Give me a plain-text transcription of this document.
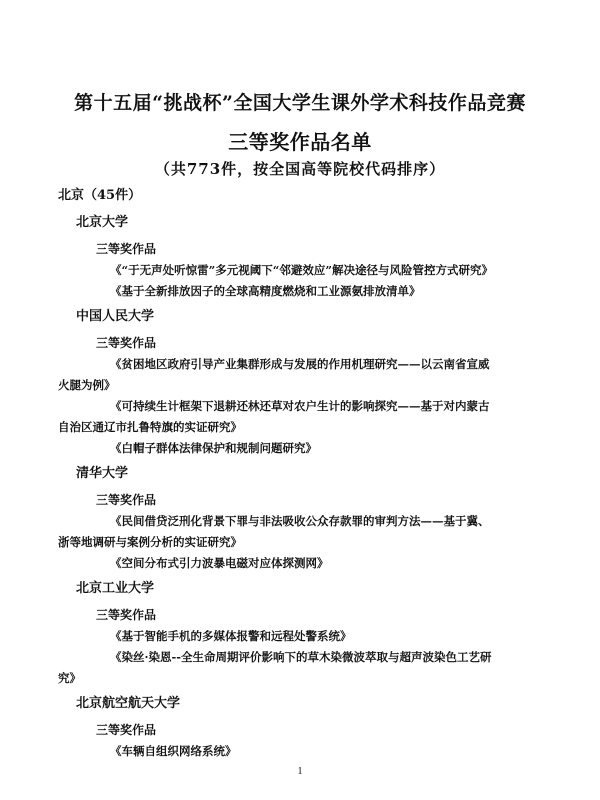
第十五届“挑战杯”全国大学生课外学术科技作品竞赛
三等奖作品名单
（共773件，按全国高等院校代码排序）
北京（45件）
北京大学
三等奖作品
《“于无声处听惊雷”多元视阈下“邻避效应”解决途径与风险管控方式研究》
《基于全新排放因子的全球高精度燃烧和工业源氨排放清单》
中国人民大学
三等奖作品
《贫困地区政府引导产业集群形成与发展的作用机理研究——以云南省宣威
火腿为例》
《可持续生计框架下退耕还林还草对农户生计的影响探究——基于对内蒙古
自治区通辽市扎鲁特旗的实证研究》
《白帽子群体法律保护和规制问题研究》
清华大学
三等奖作品
《民间借贷泛刑化背景下罪与非法吸收公众存款罪的审判方法——基于冀、
浙等地调研与案例分析的实证研究》
《空间分布式引力波暴电磁对应体探测网》
北京工业大学
三等奖作品
《基于智能手机的多媒体报警和远程处警系统》
《染丝·染恩--全生命周期评价影响下的草木染微波萃取与超声波染色工艺研
究》
北京航空航天大学
三等奖作品
《车辆自组织网络系统》
1
